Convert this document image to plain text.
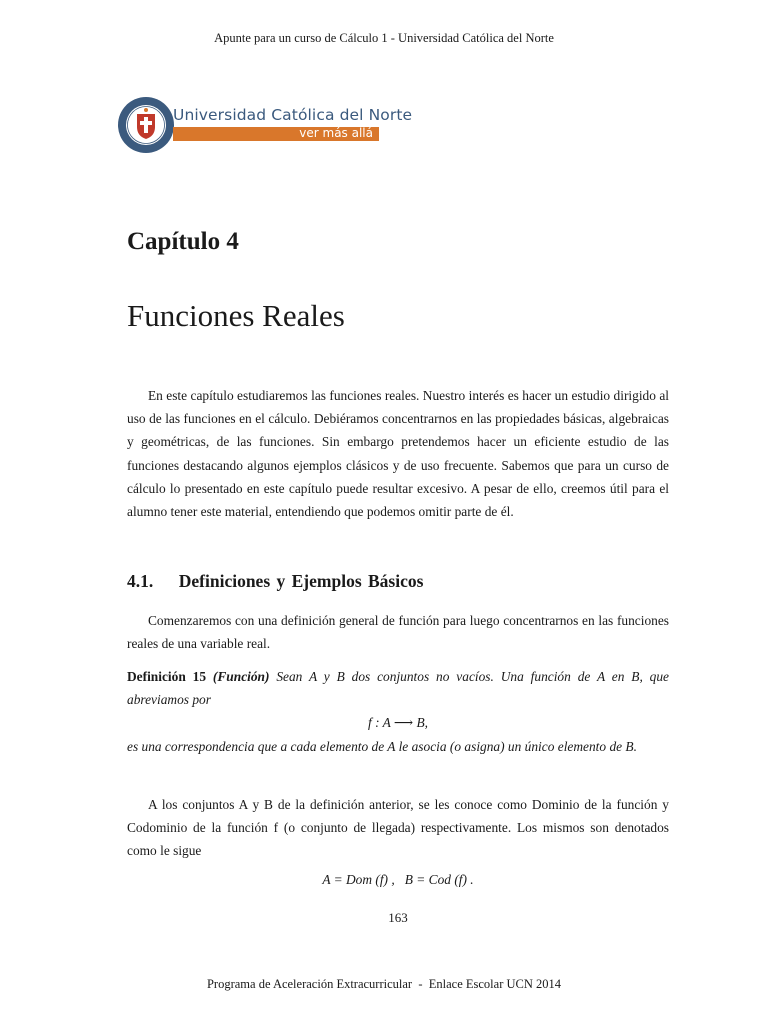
Apunte para un curso de Cálculo 1 - Universidad Católica del Norte
Universidad Católica del Norte
ver más allá
Capítulo 4
Funciones Reales

En este capítulo estudiaremos las funciones reales. Nuestro interés es hacer un estudio dirigido al uso de las funciones en el cálculo. Debiéramos concentrarnos en las propiedades básicas, algebraicas y geométricas, de las funciones. Sin embargo pretendemos hacer un eficiente estudio de las funciones destacando algunos ejemplos clásicos y de uso frecuente. Sabemos que para un curso de cálculo lo presentado en este capítulo puede resultar excesivo. A pesar de ello, creemos útil para el alumno tener este material, entendiendo que podemos omitir parte de él.

4.1.    Definiciones y Ejemplos Básicos

Comenzaremos con una definición general de función para luego concentrarnos en las funciones reales de una variable real.

Definición 15 (Función) Sean A y B dos conjuntos no vacíos. Una función de A en B, que abreviamos por
f : A ⟶ B,
es una correspondencia que a cada elemento de A le asocia (o asigna) un único elemento de B.

A los conjuntos A y B de la definición anterior, se les conoce como Dominio de la función y Codominio de la función f (o conjunto de llegada) respectivamente. Los mismos son denotados como le sigue

A = Dom (f) ,   B = Cod (f) .
163
Programa de Aceleración Extracurricular  -  Enlace Escolar UCN 2014
